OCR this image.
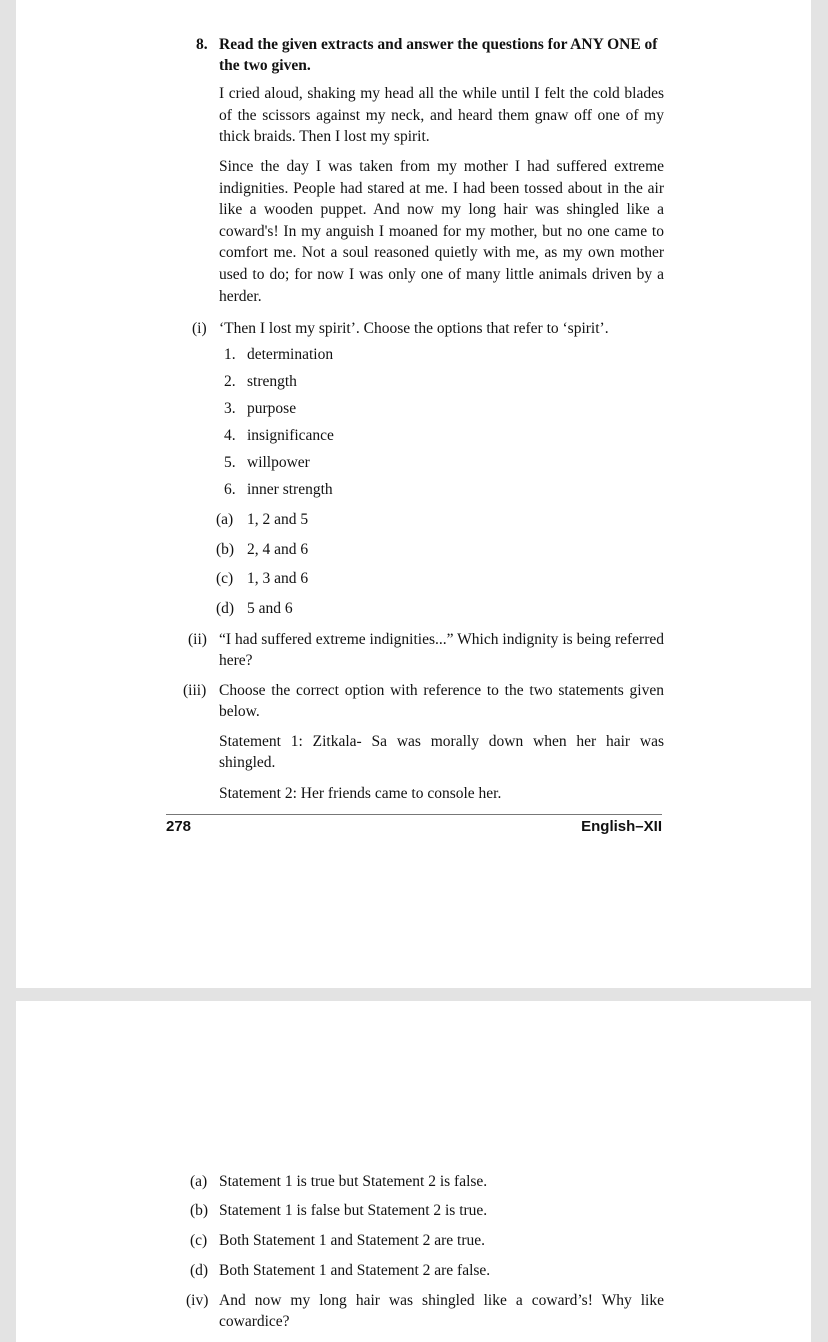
8. Read the given extracts and answer the questions for ANY ONE of the two given.

I cried aloud, shaking my head all the while until I felt the cold blades of the scissors against my neck, and heard them gnaw off one of my thick braids. Then I lost my spirit.

Since the day I was taken from my mother I had suffered extreme indignities. People had stared at me. I had been tossed about in the air like a wooden puppet. And now my long hair was shingled like a coward's! In my anguish I moaned for my mother, but no one came to comfort me. Not a soul reasoned quietly with me, as my own mother used to do; for now I was only one of many little animals driven by a herder.

(i) ‘Then I lost my spirit’. Choose the options that refer to ‘spirit’.
1. determination
2. strength
3. purpose
4. insignificance
5. willpower
6. inner strength
(a) 1, 2 and 5
(b) 2, 4 and 6
(c) 1, 3 and 6
(d) 5 and 6
(ii) “I had suffered extreme indignities...” Which indignity is being referred here?
(iii) Choose the correct option with reference to the two statements given below.
Statement 1: Zitkala- Sa was morally down when her hair was shingled.
Statement 2: Her friends came to console her.
278	English–XII
(a) Statement 1 is true but Statement 2 is false.
(b) Statement 1 is false but Statement 2 is true.
(c) Both Statement 1 and Statement 2 are true.
(d) Both Statement 1 and Statement 2 are false.
(iv) And now my long hair was shingled like a coward’s! Why like cowardice?
